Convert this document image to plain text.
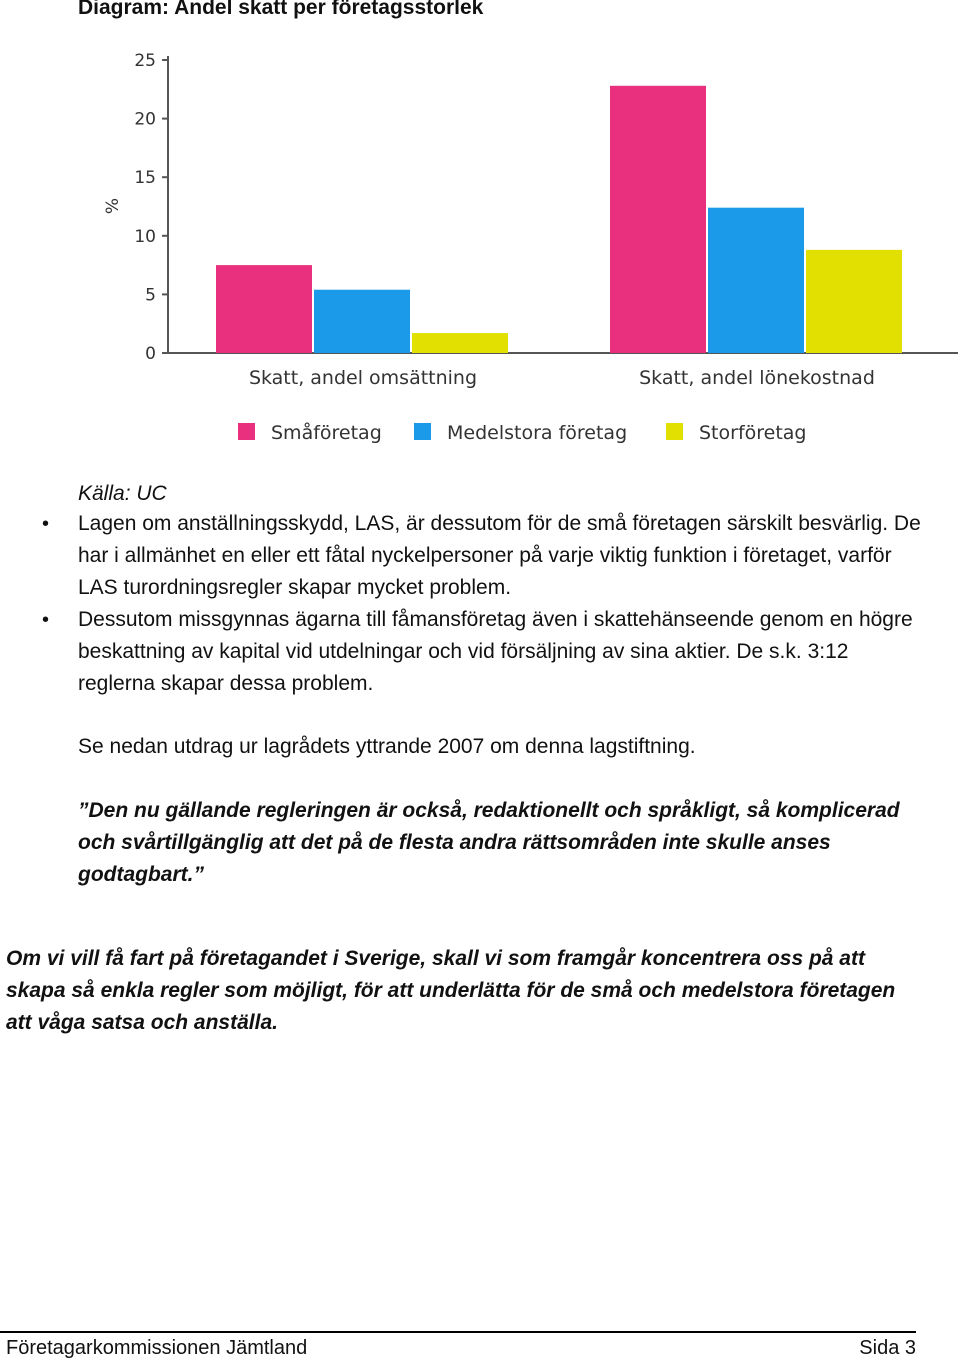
Diagram: Andel skatt per företagsstorlek
0
5
10
15
20
25
%
Skatt, andel omsättning	Skatt, andel lönekostnad
Småföretag	Medelstora företag	Storföretag

Källa: UC

• Lagen om anställningsskydd, LAS, är dessutom för de små företagen särskilt besvärlig. De har i allmänhet en eller ett fåtal nyckelpersoner på varje viktig funktion i företaget, varför LAS turordningsregler skapar mycket problem.
• Dessutom missgynnas ägarna till fåmansföretag även i skattehänseende genom en högre beskattning av kapital vid utdelningar och vid försäljning av sina aktier. De s.k. 3:12 reglerna skapar dessa problem.

Se nedan utdrag ur lagrådets yttrande 2007 om denna lagstiftning.

”Den nu gällande regleringen är också, redaktionellt och språkligt, så komplicerad och svårtillgänglig att det på de flesta andra rättsområden inte skulle anses godtagbart.”

Om vi vill få fart på företagandet i Sverige, skall vi som framgår koncentrera oss på att skapa så enkla regler som möjligt, för att underlätta för de små och medelstora företagen att våga satsa och anställa.

Företagarkommissionen Jämtland	Sida 3
